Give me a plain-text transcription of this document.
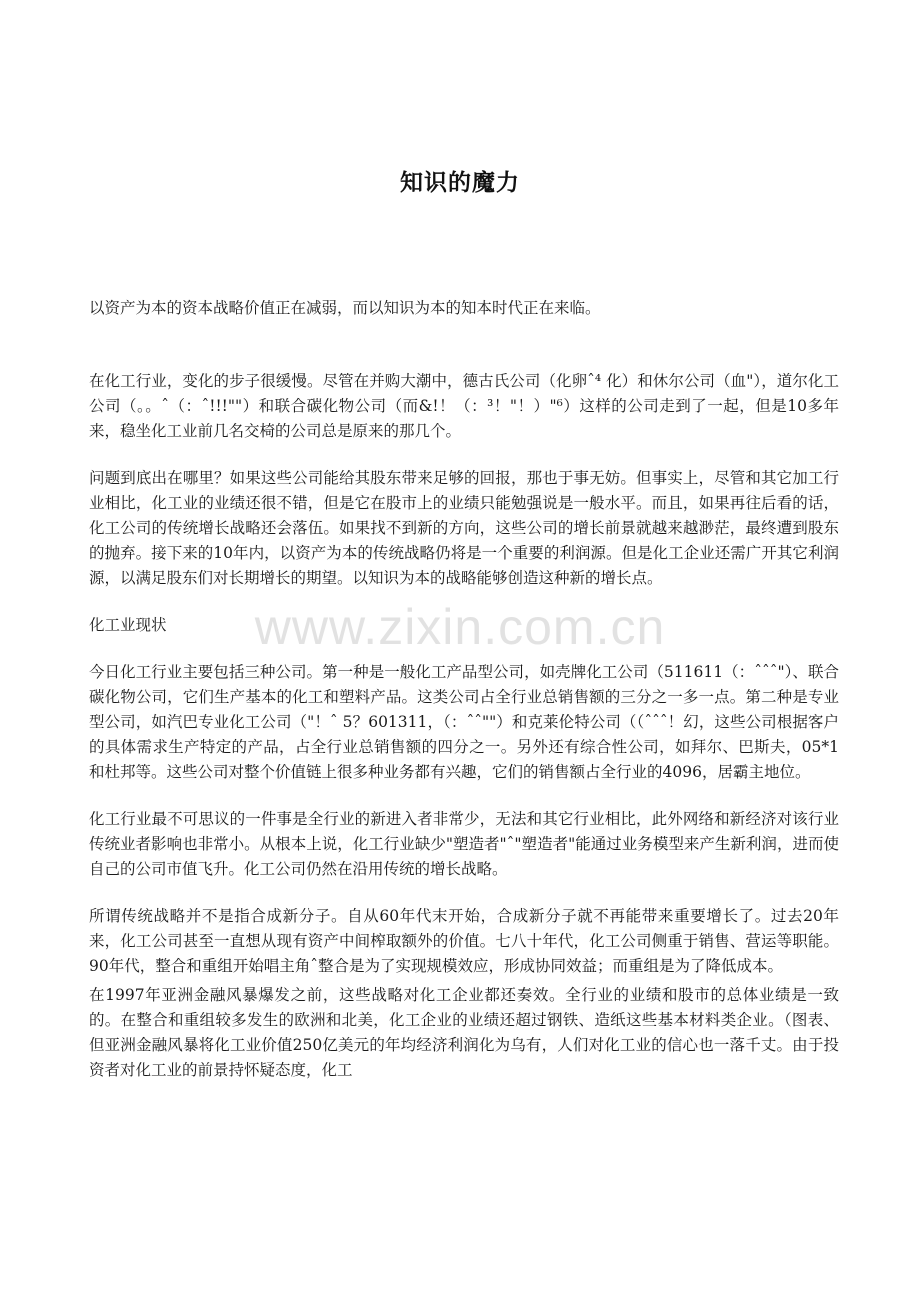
www.zixin.com.cn
知识的魔力

以资产为本的资本战略价值正在减弱，而以知识为本的知本时代正在来临。

在化工行业，变化的步子很缓慢。尽管在并购大潮中，德古氏公司（化卵ˆ⁴ 化）和休尔公司（血"），道尔化工公司（。。ˆ（：ˆ!!!""）和联合碳化物公司（而&!！（：³！"！）"⁶）这样的公司走到了一起，但是10多年来，稳坐化工业前几名交椅的公司总是原来的那几个。

问题到底出在哪里？如果这些公司能给其股东带来足够的回报，那也于事无妨。但事实上，尽管和其它加工行业相比，化工业的业绩还很不错，但是它在股市上的业绩只能勉强说是一般水平。而且，如果再往后看的话，化工公司的传统增长战略还会落伍。如果找不到新的方向，这些公司的增长前景就越来越渺茫，最终遭到股东的抛弃。接下来的10年内，以资产为本的传统战略仍将是一个重要的利润源。但是化工企业还需广开其它利润源，以满足股东们对长期增长的期望。以知识为本的战略能够创造这种新的增长点。

化工业现状

今日化工行业主要包括三种公司。第一种是一般化工产品型公司，如壳牌化工公司（511611（：ˆˆˆ"）、联合碳化物公司，它们生产基本的化工和塑料产品。这类公司占全行业总销售额的三分之一多一点。第二种是专业型公司，如汽巴专业化工公司（"！ˆ 5？601311，（：ˆˆ""）和克莱伦特公司（（ˆˆˆ！幻，这些公司根据客户的具体需求生产特定的产品，占全行业总销售额的四分之一。另外还有综合性公司，如拜尔、巴斯夫，05*1和杜邦等。这些公司对整个价值链上很多种业务都有兴趣，它们的销售额占全行业的4096，居霸主地位。

化工行业最不可思议的一件事是全行业的新进入者非常少，无法和其它行业相比，此外网络和新经济对该行业传统业者影响也非常小。从根本上说，化工行业缺少"塑造者"ˆ"塑造者"能通过业务模型来产生新利润，进而使自己的公司市值飞升。化工公司仍然在沿用传统的增长战略。

所谓传统战略并不是指合成新分子。自从60年代末开始，合成新分子就不再能带来重要增长了。过去20年来，化工公司甚至一直想从现有资产中间榨取额外的价值。七八十年代，化工公司侧重于销售、营运等职能。90年代，整合和重组开始唱主角ˆ整合是为了实现规模效应，形成协同效益；而重组是为了降低成本。

在1997年亚洲金融风暴爆发之前，这些战略对化工企业都还奏效。全行业的业绩和股市的总体业绩是一致的。在整合和重组较多发生的欧洲和北美，化工企业的业绩还超过钢铁、造纸这些基本材料类企业。（图表、但亚洲金融风暴将化工业价值250亿美元的年均经济利润化为乌有，人们对化工业的信心也一落千丈。由于投资者对化工业的前景持怀疑态度，化工
